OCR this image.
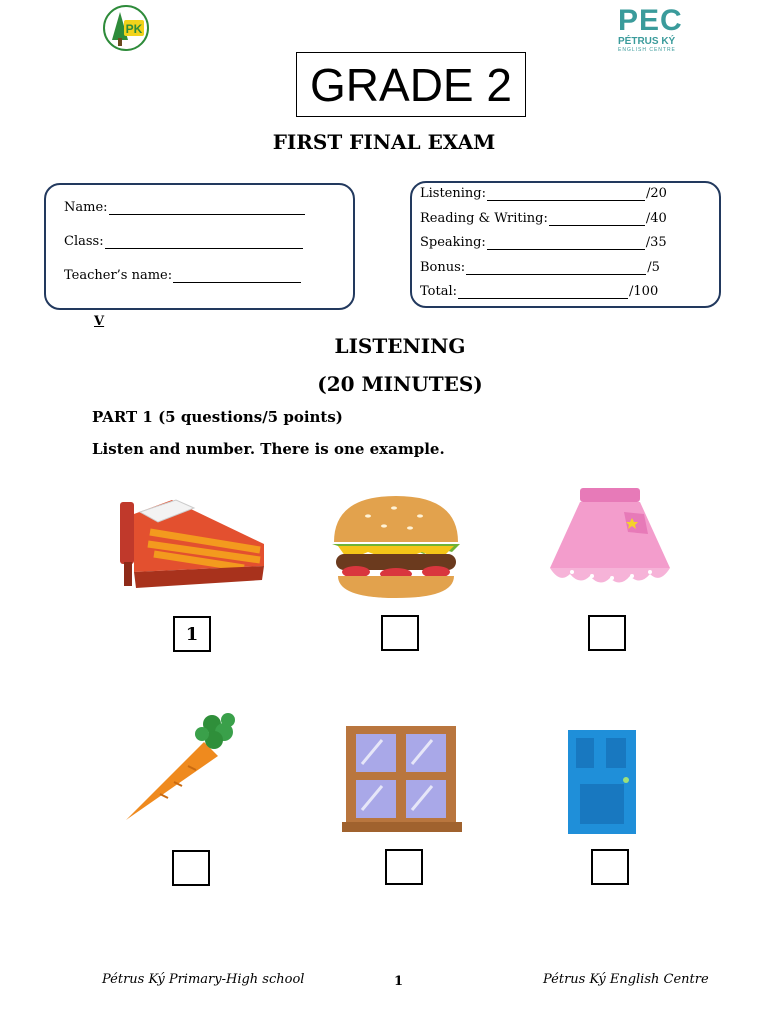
PK	PEC
PÉTRUS KÝ
ENGLISH CENTRE
GRADE 2
FIRST FINAL EXAM
Name:
Class:
Teacher’s name:
Listening:	/20
Reading & Writing:	/40
Speaking:	/35
Bonus:	/5
Total:	/100
V
LISTENING
(20 MINUTES)
PART 1 (5 questions/5 points)
Listen and number. There is one example.
1
Pétrus Ký Primary-High school	1	Pétrus Ký English Centre
